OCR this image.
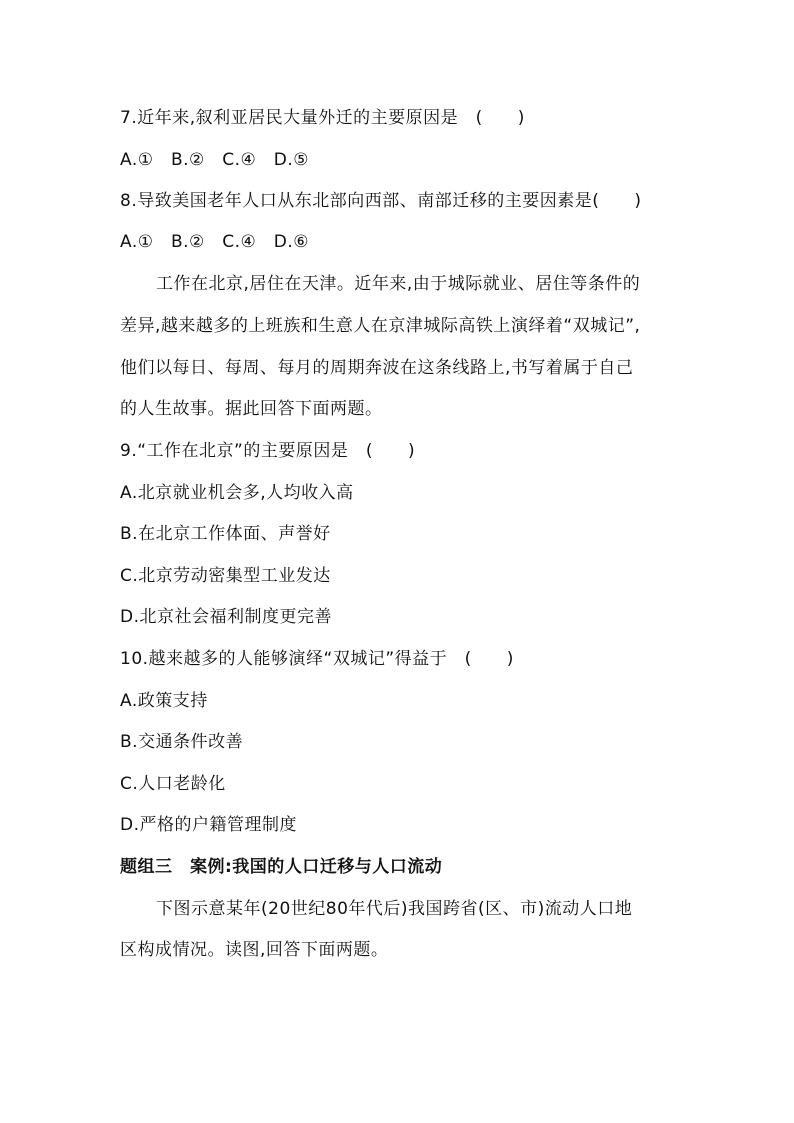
7.近年来,叙利亚居民大量外迁的主要原因是　(　　)
A.①　B.②　C.④　D.⑤
8.导致美国老年人口从东北部向西部、南部迁移的主要因素是(　　)
A.①　B.②　C.④　D.⑥
工作在北京,居住在天津。近年来,由于城际就业、居住等条件的
差异,越来越多的上班族和生意人在京津城际高铁上演绎着“双城记”,
他们以每日、每周、每月的周期奔波在这条线路上,书写着属于自己
的人生故事。据此回答下面两题。
9.“工作在北京”的主要原因是　(　　)
A.北京就业机会多,人均收入高
B.在北京工作体面、声誉好
C.北京劳动密集型工业发达
D.北京社会福利制度更完善
10.越来越多的人能够演绎“双城记”得益于　(　　)
A.政策支持
B.交通条件改善
C.人口老龄化
D.严格的户籍管理制度
题组三　案例:我国的人口迁移与人口流动
下图示意某年(20世纪80年代后)我国跨省(区、市)流动人口地
区构成情况。读图,回答下面两题。
